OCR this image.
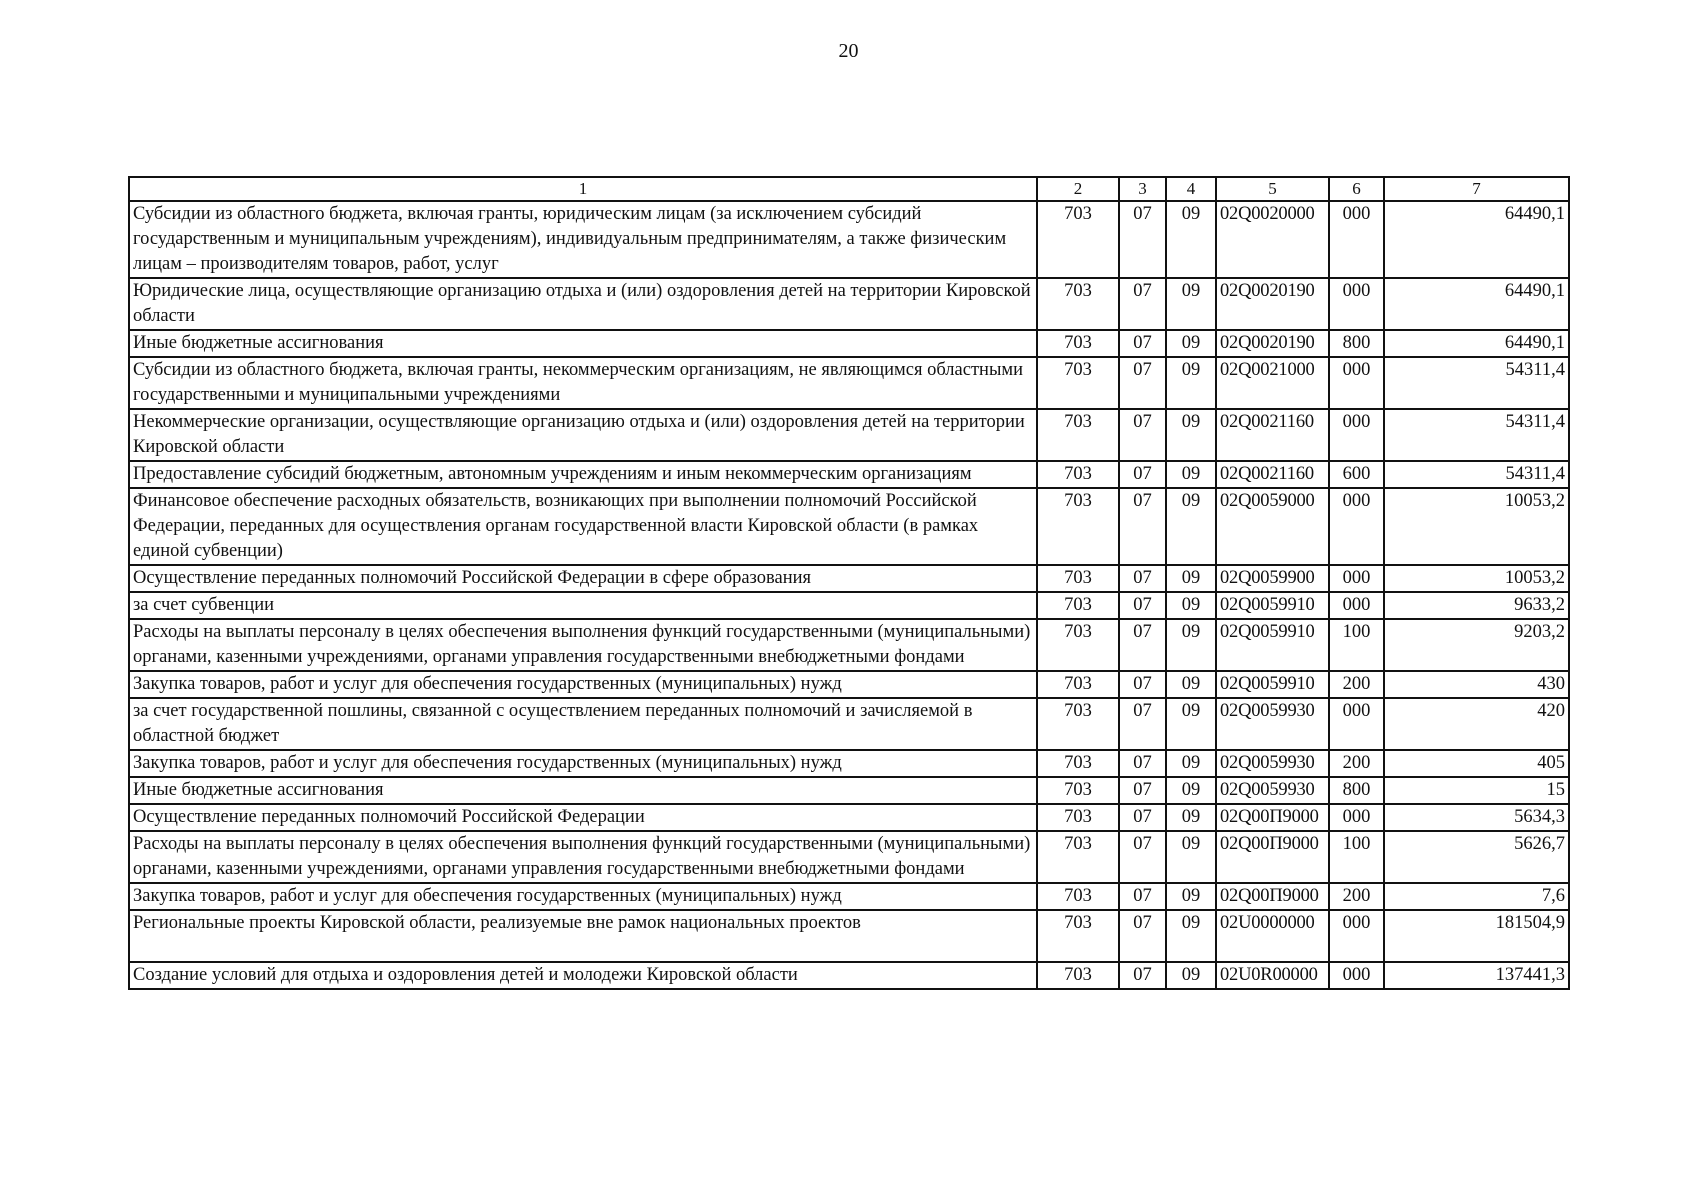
20
1	2	3	4	5	6	7
Субсидии из областного бюджета, включая гранты, юридическим лицам (за исключением субсидий государственным и муниципальным учреждениям), индивидуальным предпринимателям, а также физическим лицам – производителям товаров, работ, услуг	703	07	09	02Q0020000	000	64490,1
Юридические лица, осуществляющие организацию отдыха и (или) оздоровления детей на территории Кировской области	703	07	09	02Q0020190	000	64490,1
Иные бюджетные ассигнования	703	07	09	02Q0020190	800	64490,1
Субсидии из областного бюджета, включая гранты, некоммерческим организациям, не являющимся областными государственными и муниципальными учреждениями	703	07	09	02Q0021000	000	54311,4
Некоммерческие организации, осуществляющие организацию отдыха и (или) оздоровления детей на территории Кировской области	703	07	09	02Q0021160	000	54311,4
Предоставление субсидий бюджетным, автономным учреждениям и иным некоммерческим организациям	703	07	09	02Q0021160	600	54311,4
Финансовое обеспечение расходных обязательств, возникающих при выполнении полномочий Российской Федерации, переданных для осуществления органам государственной власти Кировской области (в рамках единой субвенции)	703	07	09	02Q0059000	000	10053,2
Осуществление переданных полномочий Российской Федерации в сфере образования	703	07	09	02Q0059900	000	10053,2
за счет субвенции	703	07	09	02Q0059910	000	9633,2
Расходы на выплаты персоналу в целях обеспечения выполнения функций государственными (муниципальными) органами, казенными учреждениями, органами управления государственными внебюджетными фондами	703	07	09	02Q0059910	100	9203,2
Закупка товаров, работ и услуг для обеспечения государственных (муниципальных) нужд	703	07	09	02Q0059910	200	430
за счет государственной пошлины, связанной с осуществлением переданных полномочий и зачисляемой в областной бюджет	703	07	09	02Q0059930	000	420
Закупка товаров, работ и услуг для обеспечения государственных (муниципальных) нужд	703	07	09	02Q0059930	200	405
Иные бюджетные ассигнования	703	07	09	02Q0059930	800	15
Осуществление переданных полномочий Российской Федерации	703	07	09	02Q00П9000	000	5634,3
Расходы на выплаты персоналу в целях обеспечения выполнения функций государственными (муниципальными) органами, казенными учреждениями, органами управления государственными внебюджетными фондами	703	07	09	02Q00П9000	100	5626,7
Закупка товаров, работ и услуг для обеспечения государственных (муниципальных) нужд	703	07	09	02Q00П9000	200	7,6
Региональные проекты Кировской области, реализуемые вне рамок национальных проектов	703	07	09	02U0000000	000	181504,9
Создание условий для отдыха и оздоровления детей и молодежи Кировской области	703	07	09	02U0R00000	000	137441,3
